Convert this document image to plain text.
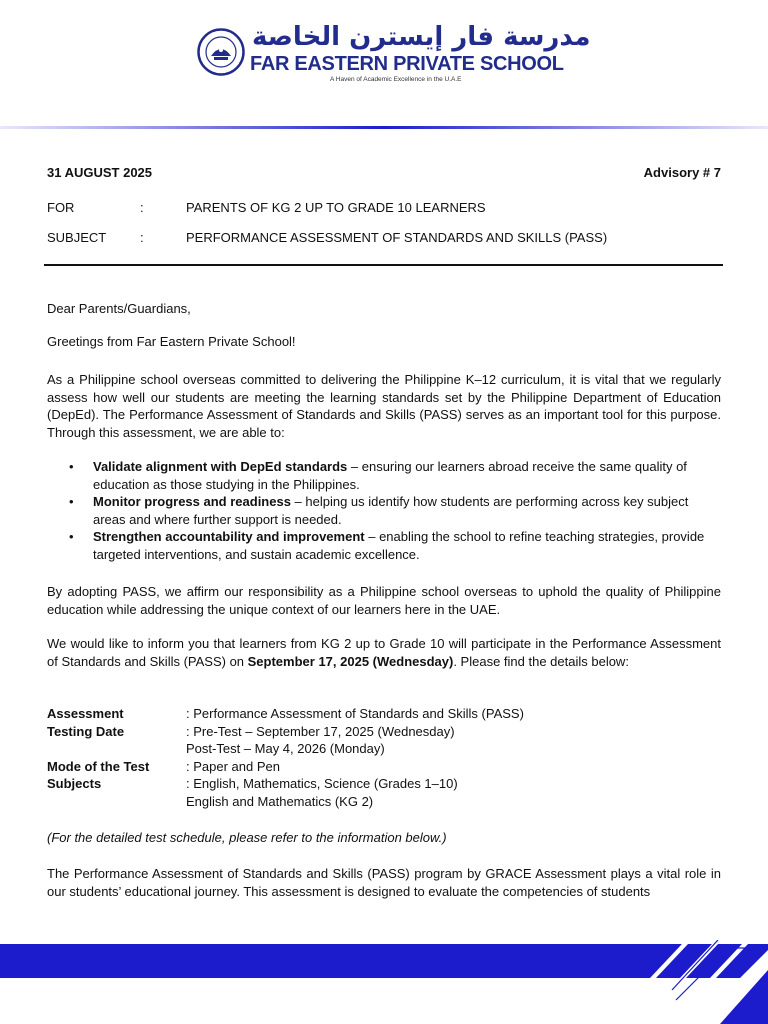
مدرسة فار إيسترن الخاصة
FAR EASTERN PRIVATE SCHOOL
A Haven of Academic Excellence in the U.A.E
31 AUGUST 2025	Advisory # 7
FOR	:	PARENTS OF KG 2 UP TO GRADE 10 LEARNERS
SUBJECT	:	PERFORMANCE ASSESSMENT OF STANDARDS AND SKILLS (PASS)
Dear Parents/Guardians,
Greetings from Far Eastern Private School!
As a Philippine school overseas committed to delivering the Philippine K–12 curriculum, it is vital that we regularly assess how well our students are meeting the learning standards set by the Philippine Department of Education (DepEd). The Performance Assessment of Standards and Skills (PASS) serves as an important tool for this purpose. Through this assessment, we are able to:
• Validate alignment with DepEd standards – ensuring our learners abroad receive the same quality of education as those studying in the Philippines.
• Monitor progress and readiness – helping us identify how students are performing across key subject areas and where further support is needed.
• Strengthen accountability and improvement – enabling the school to refine teaching strategies, provide targeted interventions, and sustain academic excellence.
By adopting PASS, we affirm our responsibility as a Philippine school overseas to uphold the quality of Philippine education while addressing the unique context of our learners here in the UAE.
We would like to inform you that learners from KG 2 up to Grade 10 will participate in the Performance Assessment of Standards and Skills (PASS) on September 17, 2025 (Wednesday). Please find the details below:
Assessment	: Performance Assessment of Standards and Skills (PASS)
Testing Date	: Pre-Test – September 17, 2025 (Wednesday)
Post-Test – May 4, 2026 (Monday)
Mode of the Test	: Paper and Pen
Subjects	: English, Mathematics, Science (Grades 1–10)
English and Mathematics (KG 2)
(For the detailed test schedule, please refer to the information below.)
The Performance Assessment of Standards and Skills (PASS) program by GRACE Assessment plays a vital role in our students’ educational journey. This assessment is designed to evaluate the competencies of students
